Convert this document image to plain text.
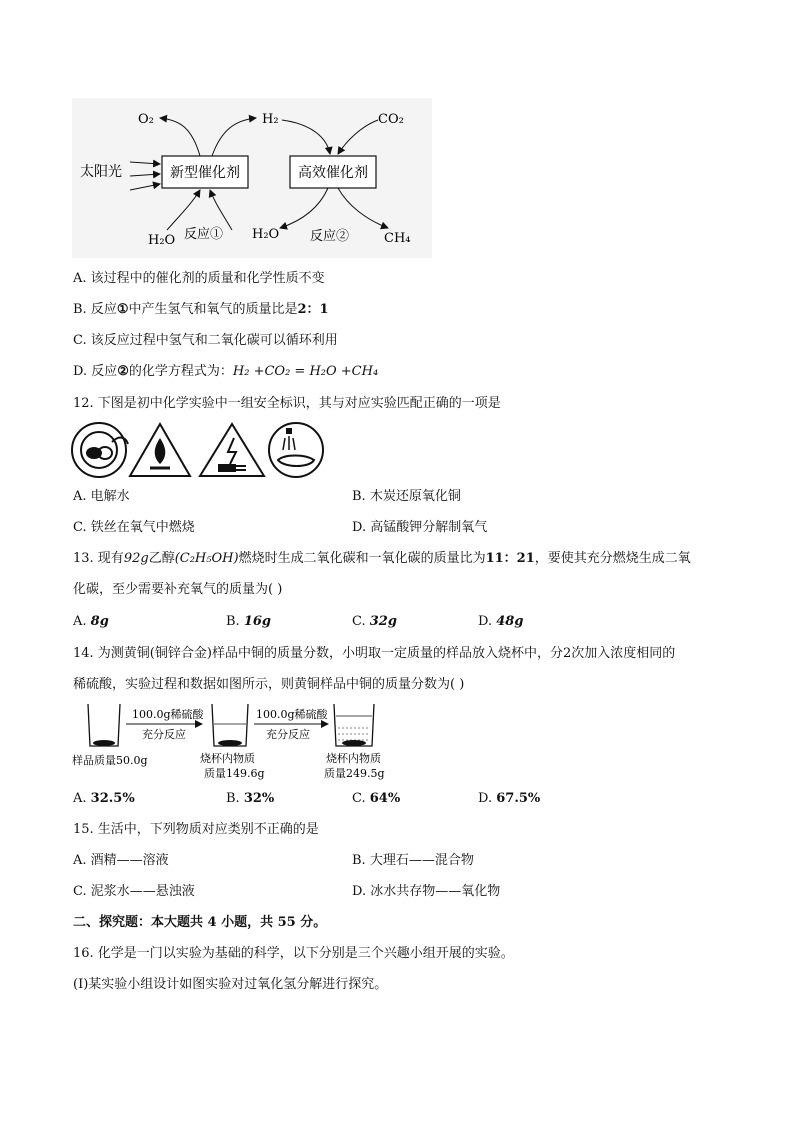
新型催化剂	高效催化剂
O₂	H₂	CO₂
太阳光
H₂O 反应① H₂O 反应②	CH₄
A. 该过程中的催化剂的质量和化学性质不变
B. 反应①中产生氢气和氧气的质量比是2：1
C. 该反应过程中氢气和二氧化碳可以循环利用
D. 反应②的化学方程式为：H₂ +CO₂ = H₂O +CH₄
12. 下图是初中化学实验中一组安全标识，其与对应实验匹配正确的一项是
A. 电解水	B. 木炭还原氧化铜
C. 铁丝在氧气中燃烧	D. 高锰酸钾分解制氧气
13. 现有92g乙醇(C₂H₅OH)燃烧时生成二氧化碳和一氧化碳的质量比为11：21，要使其充分燃烧生成二氧
化碳，至少需要补充氧气的质量为( )
A. 8g	B. 16g	C. 32g	D. 48g
14. 为测黄铜(铜锌合金)样品中铜的质量分数，小明取一定质量的样品放入烧杯中，分2次加入浓度相同的
稀硫酸，实验过程和数据如图所示，则黄铜样品中铜的质量分数为( )
100.0g稀硫酸
充分反应
100.0g稀硫酸
充分反应
样品质量50.0g	烧杯内物质
质量149.6g
烧杯内物质
质量249.5g
A. 32.5%	B. 32%	C. 64%	D. 67.5%
15. 生活中，下列物质对应类别不正确的是
A. 酒精——溶液	B. 大理石——混合物
C. 泥浆水——悬浊液	D. 冰水共存物——氧化物
二、探究题：本大题共 4 小题，共 55 分。
16. 化学是一门以实验为基础的科学，以下分别是三个兴趣小组开展的实验。
(I)某实验小组设计如图实验对过氧化氢分解进行探究。
